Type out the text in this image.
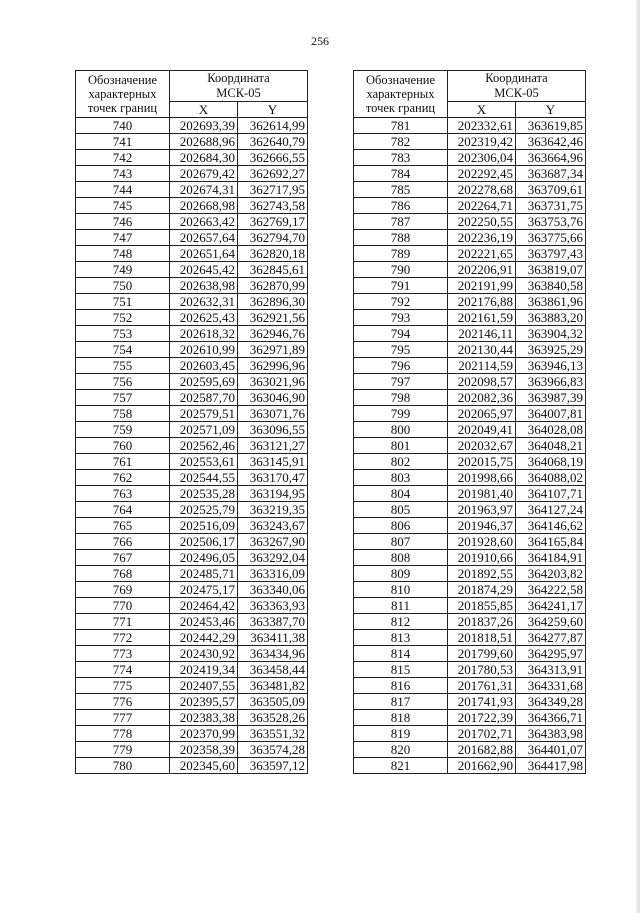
256
Обозначение
характерных
точек границ	Координата
МСК-05	
	X	Y
740	202693,39	362614,99
741	202688,96	362640,79
742	202684,30	362666,55
743	202679,42	362692,27
744	202674,31	362717,95
745	202668,98	362743,58
746	202663,42	362769,17
747	202657,64	362794,70
748	202651,64	362820,18
749	202645,42	362845,61
750	202638,98	362870,99
751	202632,31	362896,30
752	202625,43	362921,56
753	202618,32	362946,76
754	202610,99	362971,89
755	202603,45	362996,96
756	202595,69	363021,96
757	202587,70	363046,90
758	202579,51	363071,76
759	202571,09	363096,55
760	202562,46	363121,27
761	202553,61	363145,91
762	202544,55	363170,47
763	202535,28	363194,95
764	202525,79	363219,35
765	202516,09	363243,67
766	202506,17	363267,90
767	202496,05	363292,04
768	202485,71	363316,09
769	202475,17	363340,06
770	202464,42	363363,93
771	202453,46	363387,70
772	202442,29	363411,38
773	202430,92	363434,96
774	202419,34	363458,44
775	202407,55	363481,82
776	202395,57	363505,09
777	202383,38	363528,26
778	202370,99	363551,32
779	202358,39	363574,28
780	202345,60	363597,12
Обозначение
характерных
точек границ	Координата
МСК-05	
	X	Y
781	202332,61	363619,85
782	202319,42	363642,46
783	202306,04	363664,96
784	202292,45	363687,34
785	202278,68	363709,61
786	202264,71	363731,75
787	202250,55	363753,76
788	202236,19	363775,66
789	202221,65	363797,43
790	202206,91	363819,07
791	202191,99	363840,58
792	202176,88	363861,96
793	202161,59	363883,20
794	202146,11	363904,32
795	202130,44	363925,29
796	202114,59	363946,13
797	202098,57	363966,83
798	202082,36	363987,39
799	202065,97	364007,81
800	202049,41	364028,08
801	202032,67	364048,21
802	202015,75	364068,19
803	201998,66	364088,02
804	201981,40	364107,71
805	201963,97	364127,24
806	201946,37	364146,62
807	201928,60	364165,84
808	201910,66	364184,91
809	201892,55	364203,82
810	201874,29	364222,58
811	201855,85	364241,17
812	201837,26	364259,60
813	201818,51	364277,87
814	201799,60	364295,97
815	201780,53	364313,91
816	201761,31	364331,68
817	201741,93	364349,28
818	201722,39	364366,71
819	201702,71	364383,98
820	201682,88	364401,07
821	201662,90	364417,98
